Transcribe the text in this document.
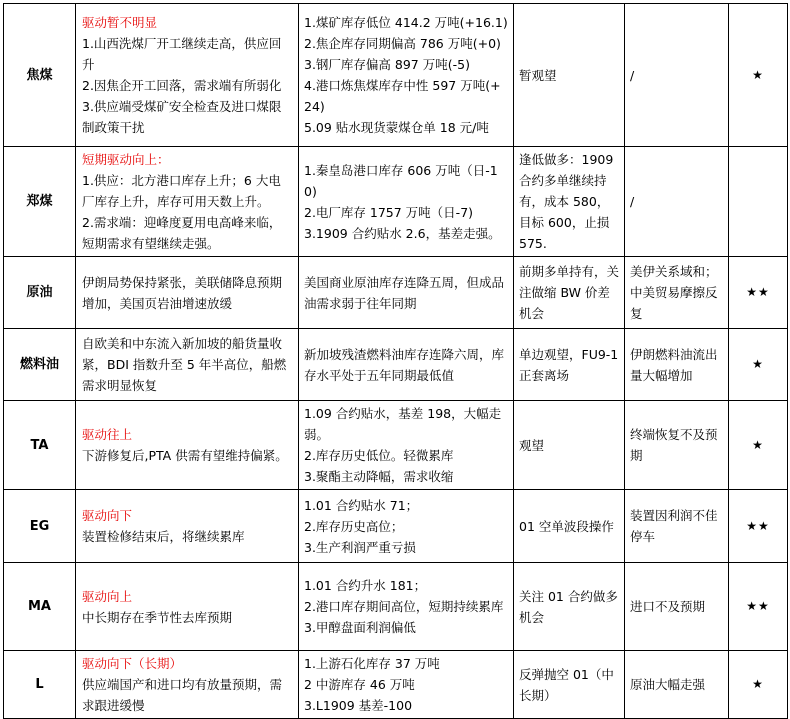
焦煤	驱动暂不明显
1.山西洗煤厂开工继续走高，供应回升
2.因焦企开工回落，需求端有所弱化
3.供应端受煤矿安全检查及进口煤限制政策干扰	1.煤矿库存低位 414.2 万吨(+16.1)
2.焦企库存同期偏高 786 万吨(+0)
3.钢厂库存偏高 897 万吨(-5)
4.港口炼焦煤库存中性 597 万吨(+24)
5.09 贴水现货蒙煤仓单 18 元/吨	暂观望	/	★

郑煤	短期驱动向上：
1.供应：北方港口库存上升；6 大电厂库存上升，库存可用天数上升。
2.需求端：迎峰度夏用电高峰来临，短期需求有望继续走强。	1.秦皇岛港口库存 606 万吨（日-10)
2.电厂库存 1757 万吨（日-7)
3.1909 合约贴水 2.6，基差走强。	逢低做多：1909 合约多单继续持有，成本 580，目标 600，止损 575.	/	

原油	伊朗局势保持紧张，美联储降息预期增加，美国页岩油增速放缓	美国商业原油库存连降五周，但成品油需求弱于往年同期	前期多单持有，关注做缩 BW 价差机会	美伊关系域和；中美贸易摩擦反复	★★

燃料油	自欧美和中东流入新加坡的船货量收紧，BDI 指数升至 5 年半高位，船燃需求明显恢复	新加坡残渣燃料油库存连降六周，库存水平处于五年同期最低值	单边观望，FU9-1 正套离场	伊朗燃料油流出量大幅增加	★

TA	驱动往上
下游修复后,PTA 供需有望维持偏紧。	1.09 合约贴水，基差 198，大幅走弱。
2.库存历史低位。轻微累库
3.聚酯主动降幅，需求收缩	观望	终端恢复不及预期	★

EG	驱动向下
装置检修结束后，将继续累库	1.01 合约贴水 71；
2.库存历史高位；
3.生产利润严重亏损	01 空单波段操作	装置因利润不佳停车	★★

MA	驱动向上
中长期存在季节性去库预期	1.01 合约升水 181；
2.港口库存期间高位，短期持续累库
3.甲醇盘面利润偏低	关注 01 合约做多机会	进口不及预期	★★

L	驱动向下（长期）
供应端国产和进口均有放量预期，需求跟进缓慢	1.上游石化库存 37 万吨
2 中游库存 46 万吨
3.L1909 基差-100	反弹抛空 01（中长期）	原油大幅走强	★
